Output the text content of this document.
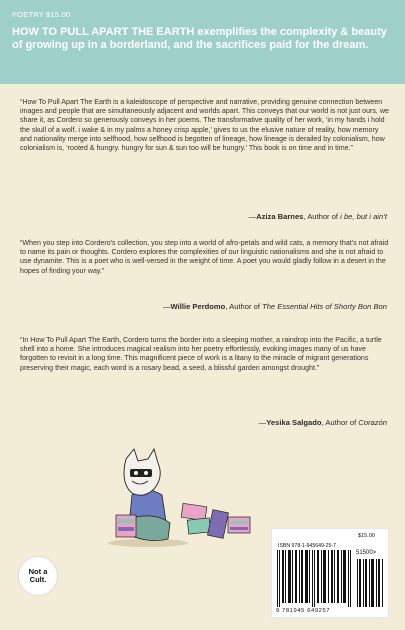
POETRY $15.00
HOW TO PULL APART THE EARTH exemplifies the complexity & beauty of growing up in a borderland, and the sacrifices paid for the dream.
“How To Pull Apart The Earth is a kaleidoscope of perspective and narrative, providing genuine connection between images and people that are simultaneously adjacent and worlds apart. This conveys that our world is not just ours, we share it, as Cordero so generously conveys in her poems. The transformative quality of her work, ‘in my hands i hold the skull of a wolf. i wake & in my palms a honey crisp apple,’ gives to us the elusive nature of reality, how memory and nationality merge into selfhood, how selfhood is begotten of lineage, how lineage is derailed by colonialism, how colonialism is, ‘rooted & hungry. hungry for sun & sun too will be hungry.’ This book is on time and in time.”
—Aziza Barnes, Author of i be, but i ain’t
“When you step into Cordero's collection, you step into a world of afro-petals and wild cats, a memory that's not afraid to name its pain or thoughts. Cordero explores the complexities of our linguistic nationalisms and she is not afraid to use dynamite. This is a poet who is well-versed in the weight of time. A poet you would gladly follow in a desert in the hopes of finding your way.”
—Willie Perdomo, Author of The Essential Hits of Shorty Bon Bon
“In How To Pull Apart The Earth, Cordero turns the border into a sleeping mother, a raindrop into the Pacific, a turtle shell into a home. She introduces magical realism into her poetry effortlessly, evoking images many of us have forgotten to revisit in a long time. This magnificent piece of work is a litany to the miracle of migrant generations preserving their magic, each word is a rosary bead, a seed, a blissful garden amongst drought.”
—Yesika Salgado, Author of Corazón
Not a
Cult.
$15.00
ISBN 978-1-945649-25-7
51500>
9 781945 649257
